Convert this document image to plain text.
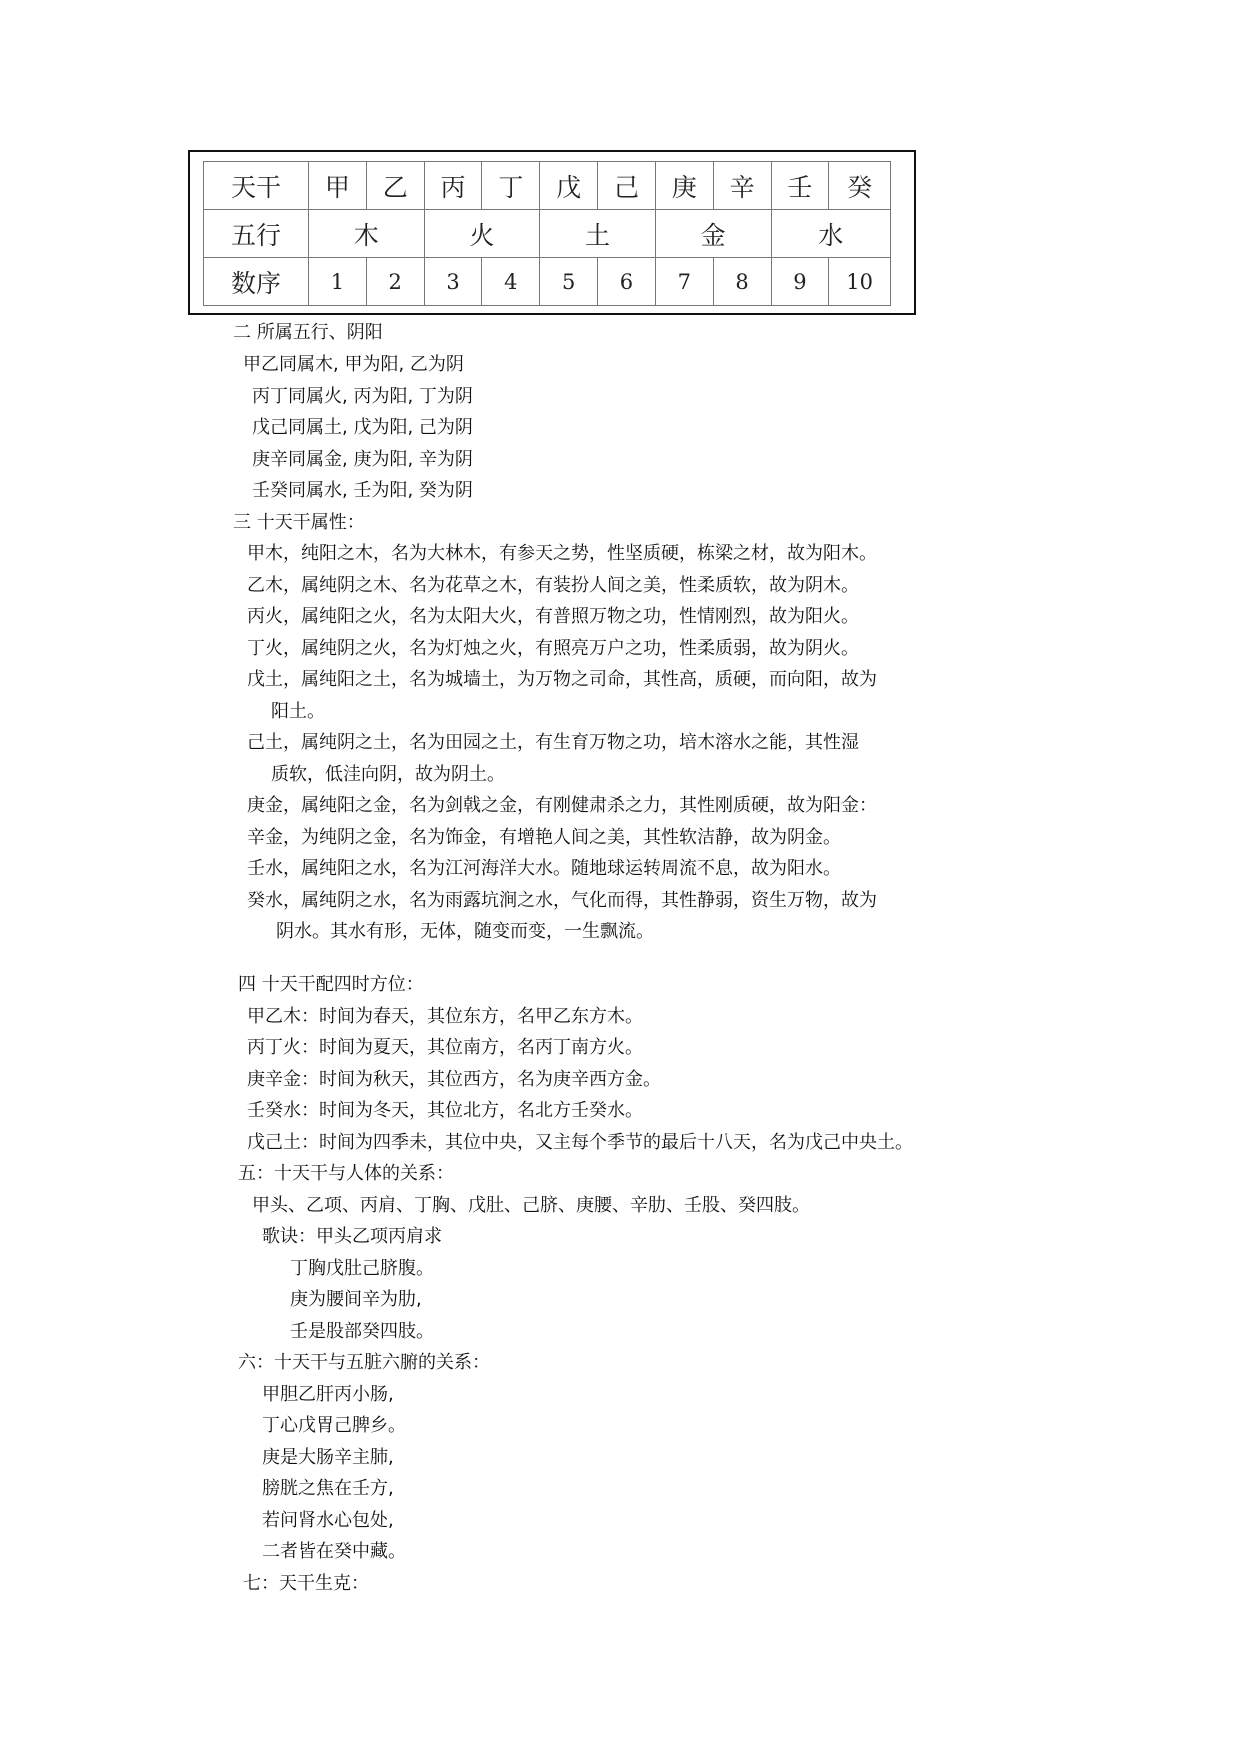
天干	甲	乙	丙	丁	戊	己	庚	辛	壬	癸
五行	木		火		土		金		水	
数序	1	2	3	4	5	6	7	8	9	10
二 所属五行、阴阳
甲乙同属木, 甲为阳, 乙为阴
丙丁同属火, 丙为阳, 丁为阴
戊己同属土, 戊为阳, 己为阴
庚辛同属金, 庚为阳, 辛为阴
壬癸同属水, 壬为阳, 癸为阴
三 十天干属性：
甲木，纯阳之木，名为大林木，有参天之势，性坚质硬，栋梁之材，故为阳木。
乙木，属纯阴之木、名为花草之木，有装扮人间之美，性柔质软，故为阴木。
丙火，属纯阳之火，名为太阳大火，有普照万物之功，性情刚烈，故为阳火。
丁火，属纯阴之火，名为灯烛之火，有照亮万户之功，性柔质弱，故为阴火。
戊土，属纯阳之土，名为城墙土，为万物之司命，其性高，质硬，而向阳，故为
阳土。
己土，属纯阴之土，名为田园之土，有生育万物之功，培木溶水之能，其性湿
质软，低洼向阴，故为阴土。
庚金，属纯阳之金，名为剑戟之金，有刚健肃杀之力，其性刚质硬，故为阳金：
辛金，为纯阴之金，名为饰金，有增艳人间之美，其性软洁静，故为阴金。
壬水，属纯阳之水，名为江河海洋大水。随地球运转周流不息，故为阳水。
癸水，属纯阴之水，名为雨露坑涧之水，气化而得，其性静弱，资生万物，故为
阴水。其水有形，无体，随变而变，一生飘流。
四 十天干配四时方位：
甲乙木：时间为春天，其位东方，名甲乙东方木。
丙丁火：时间为夏天，其位南方，名丙丁南方火。
庚辛金：时间为秋天，其位西方，名为庚辛西方金。
壬癸水：时间为冬天，其位北方，名北方壬癸水。
戊己土：时间为四季未，其位中央，又主每个季节的最后十八天，名为戊己中央土。
五：十天干与人体的关系：
甲头、乙项、丙肩、丁胸、戊肚、己脐、庚腰、辛肋、壬股、癸四肢。
歌诀：甲头乙项丙肩求
丁胸戊肚己脐腹。
庚为腰间辛为肋,
壬是股部癸四肢。
六：十天干与五脏六腑的关系：
甲胆乙肝丙小肠,
丁心戊胃己脾乡。
庚是大肠辛主肺,
膀胱之焦在壬方,
若问肾水心包处,
二者皆在癸中藏。
七：天干生克：
